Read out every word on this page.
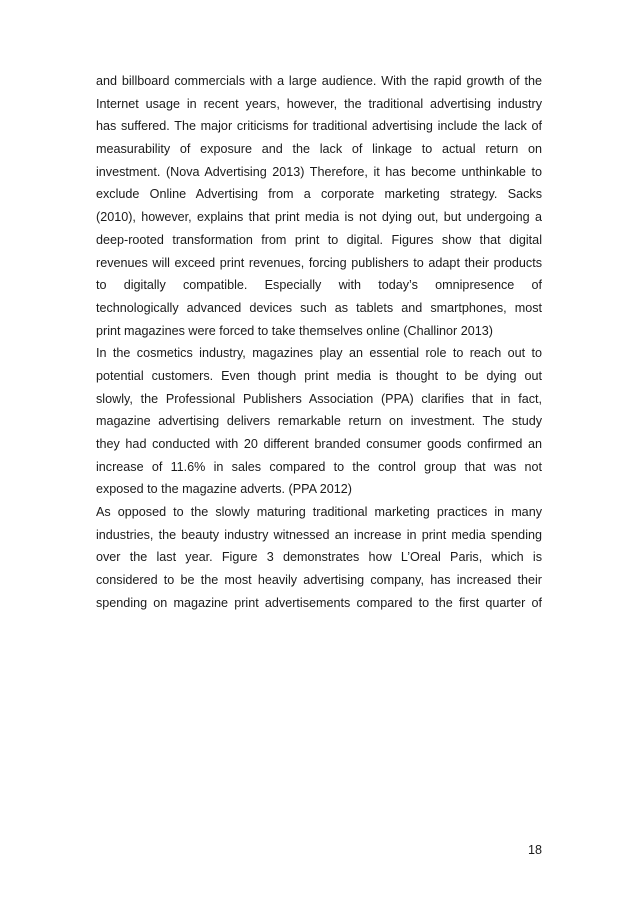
and billboard commercials with a large audience. With the rapid growth of the
Internet usage in recent years, however, the traditional advertising industry
has suffered. The major criticisms for traditional advertising include the lack of
measurability of exposure and the lack of linkage to actual return on
investment. (Nova Advertising 2013) Therefore, it has become unthinkable to
exclude Online Advertising from a corporate marketing strategy. Sacks
(2010), however, explains that print media is not dying out, but undergoing a
deep-rooted transformation from print to digital. Figures show that digital
revenues will exceed print revenues, forcing publishers to adapt their products
to digitally compatible. Especially with today’s omnipresence of
technologically advanced devices such as tablets and smartphones, most
print magazines were forced to take themselves online (Challinor 2013)
In the cosmetics industry, magazines play an essential role to reach out to
potential customers. Even though print media is thought to be dying out
slowly, the Professional Publishers Association (PPA) clarifies that in fact,
magazine advertising delivers remarkable return on investment. The study
they had conducted with 20 different branded consumer goods confirmed an
increase of 11.6% in sales compared to the control group that was not
exposed to the magazine adverts. (PPA 2012)
As opposed to the slowly maturing traditional marketing practices in many
industries, the beauty industry witnessed an increase in print media spending
over the last year. Figure 3 demonstrates how L’Oreal Paris, which is
considered to be the most heavily advertising company, has increased their
spending on magazine print advertisements compared to the first quarter of
18
